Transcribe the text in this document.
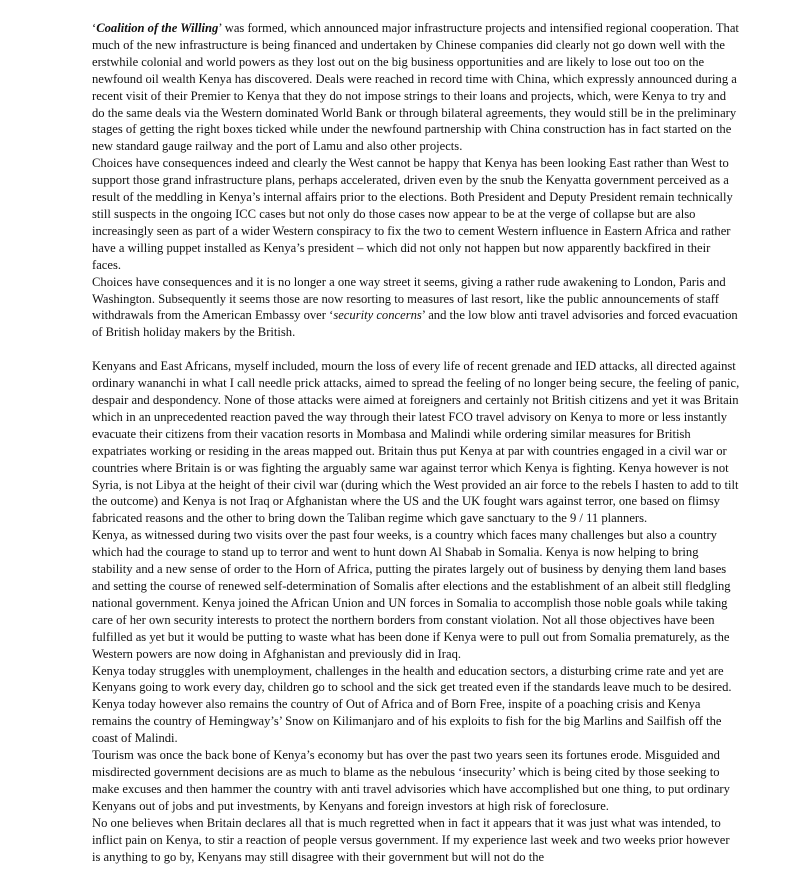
‘Coalition of the Willing’ was formed, which announced major infrastructure projects and intensified regional cooperation. That much of the new infrastructure is being financed and undertaken by Chinese companies did clearly not go down well with the erstwhile colonial and world powers as they lost out on the big business opportunities and are likely to lose out too on the newfound oil wealth Kenya has discovered. Deals were reached in record time with China, which expressly announced during a recent visit of their Premier to Kenya that they do not impose strings to their loans and projects, which, were Kenya to try and do the same deals via the Western dominated World Bank or through bilateral agreements, they would still be in the preliminary stages of getting the right boxes ticked while under the newfound partnership with China construction has in fact started on the new standard gauge railway and the port of Lamu and also other projects.

Choices have consequences indeed and clearly the West cannot be happy that Kenya has been looking East rather than West to support those grand infrastructure plans, perhaps accelerated, driven even by the snub the Kenyatta government perceived as a result of the meddling in Kenya’s internal affairs prior to the elections. Both President and Deputy President remain technically still suspects in the ongoing ICC cases but not only do those cases now appear to be at the verge of collapse but are also increasingly seen as part of a wider Western conspiracy to fix the two to cement Western influence in Eastern Africa and rather have a willing puppet installed as Kenya’s president – which did not only not happen but now apparently backfired in their faces.

Choices have consequences and it is no longer a one way street it seems, giving a rather rude awakening to London, Paris and Washington. Subsequently it seems those are now resorting to measures of last resort, like the public announcements of staff withdrawals from the American Embassy over ‘security concerns’ and the low blow anti travel advisories and forced evacuation of British holiday makers by the British.

Kenyans and East Africans, myself included, mourn the loss of every life of recent grenade and IED attacks, all directed against ordinary wananchi in what I call needle prick attacks, aimed to spread the feeling of no longer being secure, the feeling of panic, despair and despondency. None of those attacks were aimed at foreigners and certainly not British citizens and yet it was Britain which in an unprecedented reaction paved the way through their latest FCO travel advisory on Kenya to more or less instantly evacuate their citizens from their vacation resorts in Mombasa and Malindi while ordering similar measures for British expatriates working or residing in the areas mapped out. Britain thus put Kenya at par with countries engaged in a civil war or countries where Britain is or was fighting the arguably same war against terror which Kenya is fighting. Kenya however is not Syria, is not Libya at the height of their civil war (during which the West provided an air force to the rebels I hasten to add to tilt the outcome) and Kenya is not Iraq or Afghanistan where the US and the UK fought wars against terror, one based on flimsy fabricated reasons and the other to bring down the Taliban regime which gave sanctuary to the 9 / 11 planners.

Kenya, as witnessed during two visits over the past four weeks, is a country which faces many challenges but also a country which had the courage to stand up to terror and went to hunt down Al Shabab in Somalia. Kenya is now helping to bring stability and a new sense of order to the Horn of Africa, putting the pirates largely out of business by denying them land bases and setting the course of renewed self-determination of Somalis after elections and the establishment of an albeit still fledgling national government. Kenya joined the African Union and UN forces in Somalia to accomplish those noble goals while taking care of her own security interests to protect the northern borders from constant violation. Not all those objectives have been fulfilled as yet but it would be putting to waste what has been done if Kenya were to pull out from Somalia prematurely, as the Western powers are now doing in Afghanistan and previously did in Iraq.

Kenya today struggles with unemployment, challenges in the health and education sectors, a disturbing crime rate and yet are Kenyans going to work every day, children go to school and the sick get treated even if the standards leave much to be desired.

Kenya today however also remains the country of Out of Africa and of Born Free, inspite of a poaching crisis and Kenya remains the country of Hemingway’s’ Snow on Kilimanjaro and of his exploits to fish for the big Marlins and Sailfish off the coast of Malindi.

Tourism was once the back bone of Kenya’s economy but has over the past two years seen its fortunes erode. Misguided and misdirected government decisions are as much to blame as the nebulous ‘insecurity’ which is being cited by those seeking to make excuses and then hammer the country with anti travel advisories which have accomplished but one thing, to put ordinary Kenyans out of jobs and put investments, by Kenyans and foreign investors at high risk of foreclosure.

No one believes when Britain declares all that is much regretted when in fact it appears that it was just what was intended, to inflict pain on Kenya, to stir a reaction of people versus government. If my experience last week and two weeks prior however is anything to go by, Kenyans may still disagree with their government but will not do the
